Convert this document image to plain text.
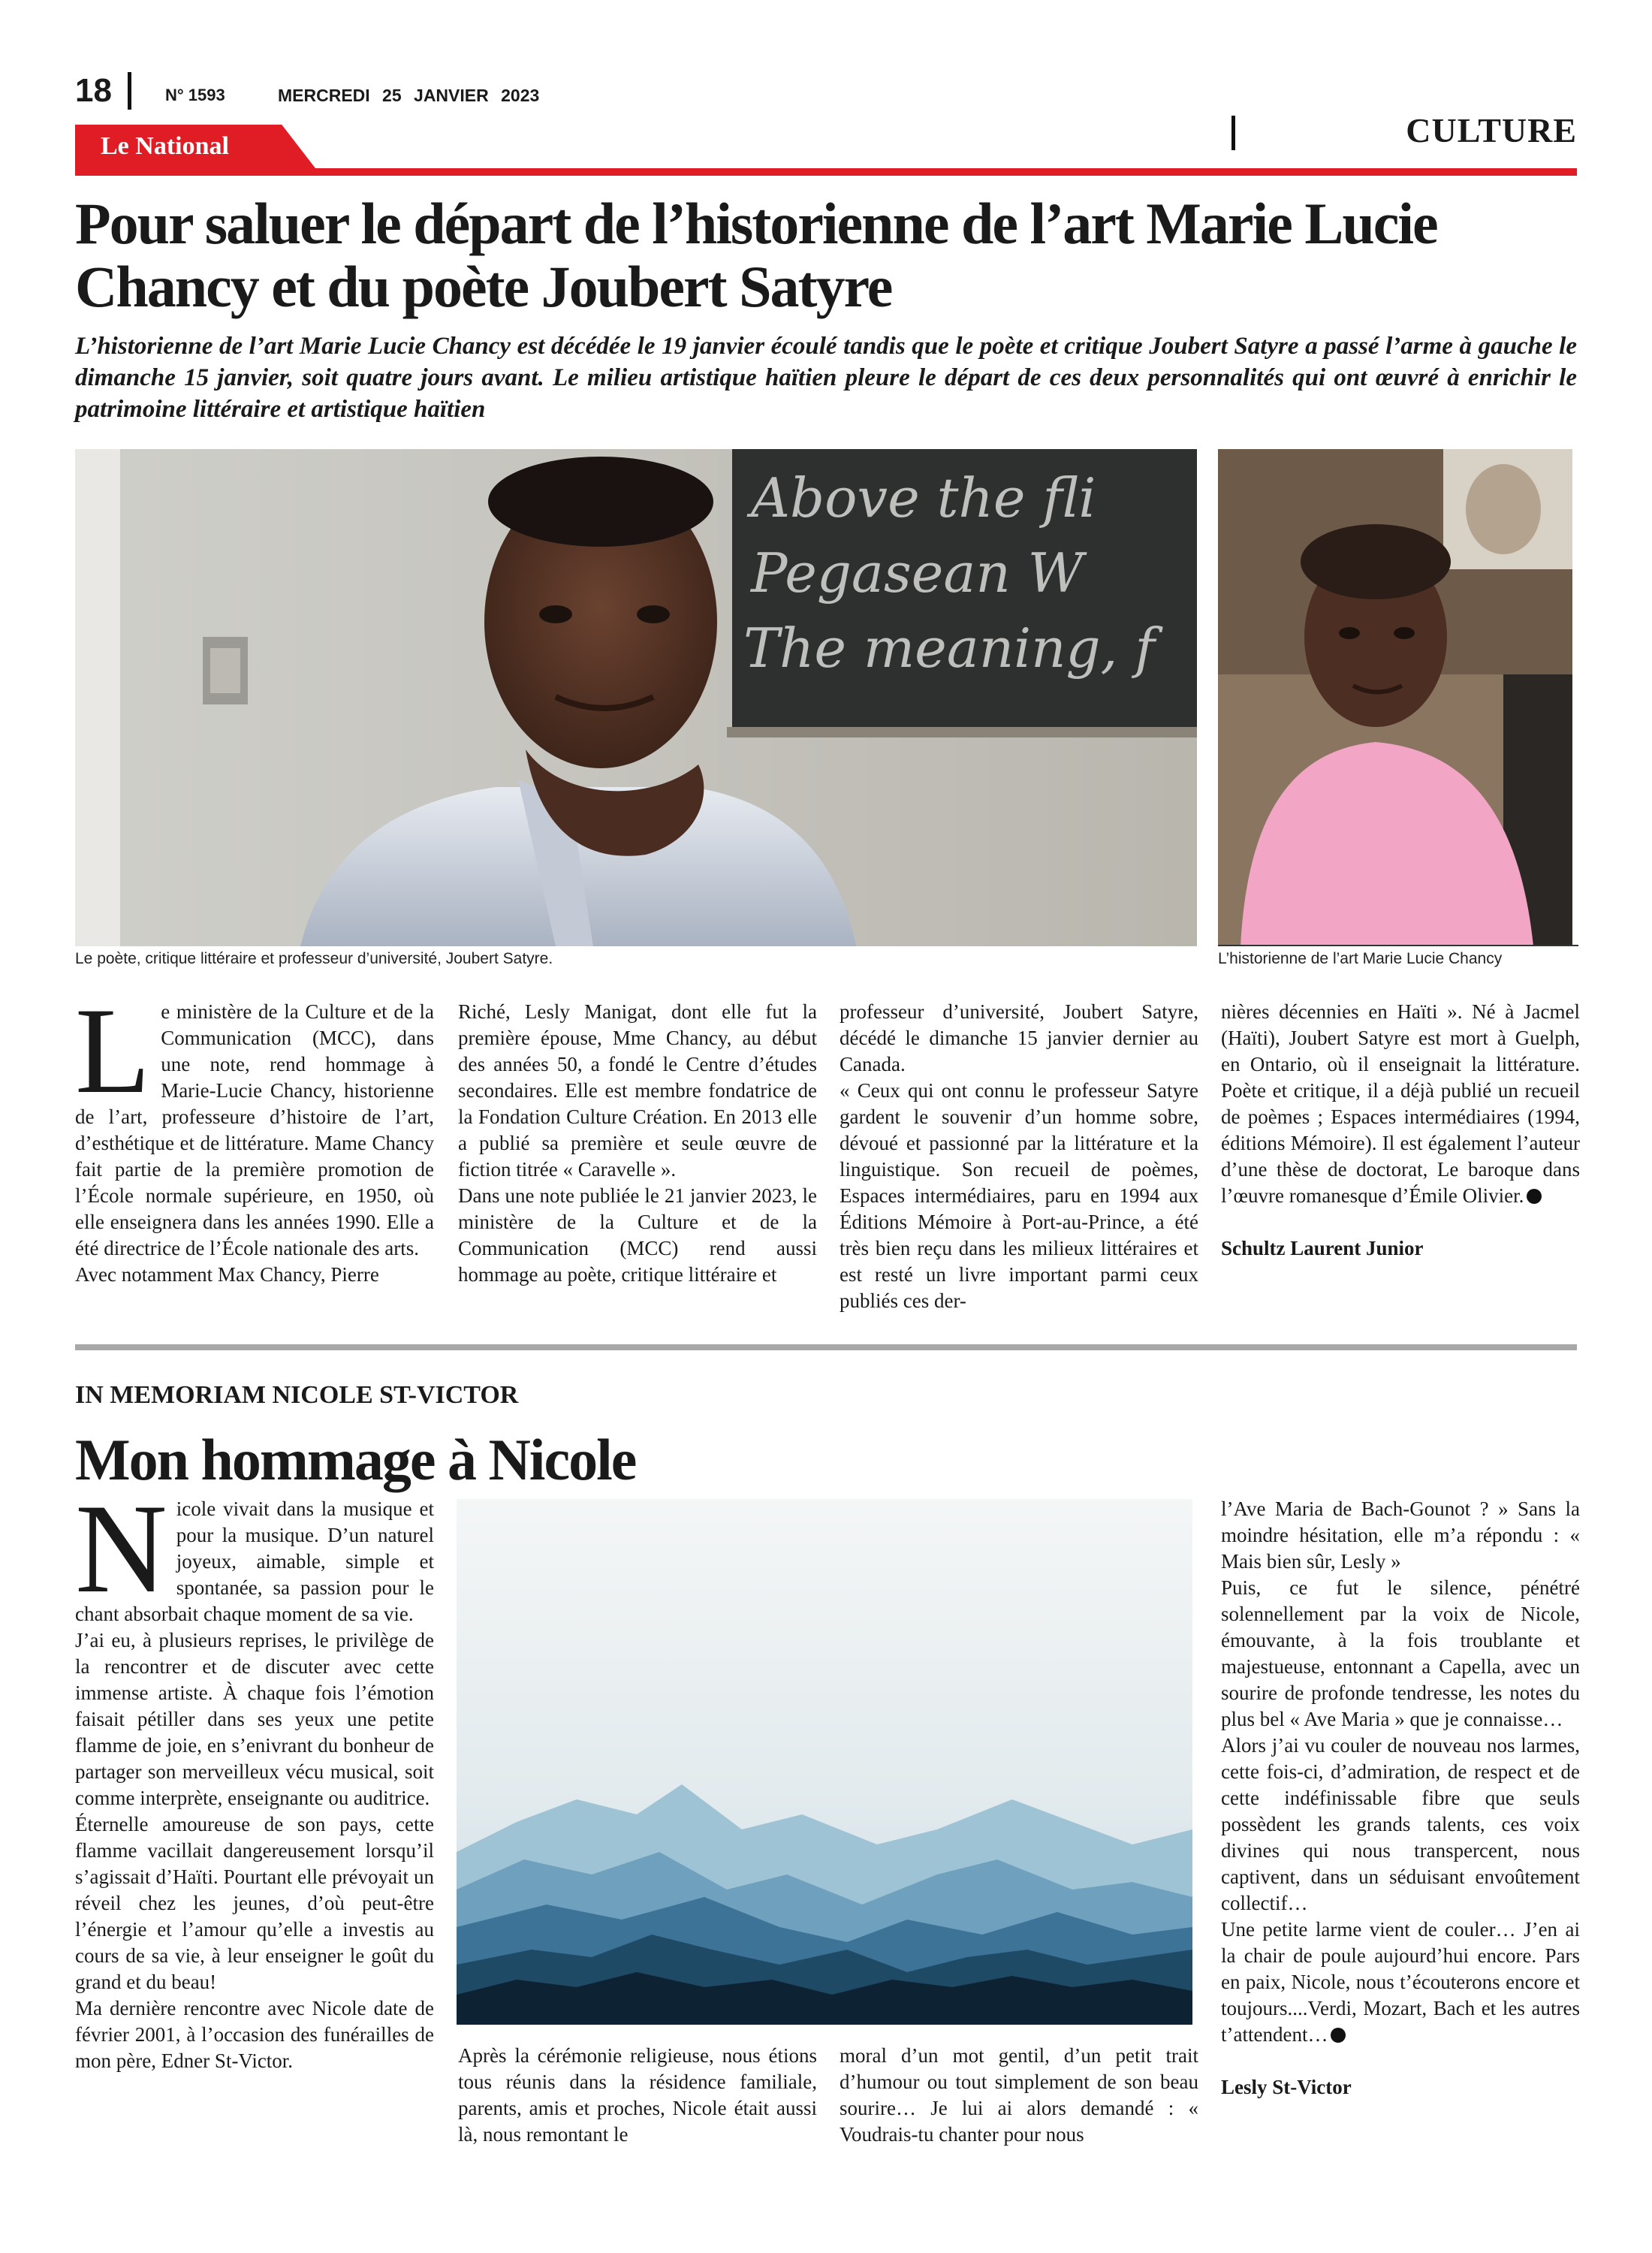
18	N° 1593	MERCREDI 25 JANVIER 2023
CULTURE
Le National
Pour saluer le départ de l’historienne de l’art Marie Lucie Chancy et du poète Joubert Satyre

L’historienne de l’art Marie Lucie Chancy est décédée le 19 janvier écoulé tandis que le poète et critique Joubert Satyre a passé l’arme à gauche le dimanche 15 janvier, soit quatre jours avant. Le milieu artistique haïtien pleure le départ de ces deux personnalités qui ont œuvré à enrichir le patrimoine littéraire et artistique haïtien

Above the fli
Pegasean W
The meaning, f
Le poète, critique littéraire et professeur d’université, Joubert Satyre.	L’historienne de l’art Marie Lucie Chancy
L e ministère de la Culture et de la Communication (MCC), dans une note, rend hommage à Marie-Lucie Chancy, historienne de l’art, professeure d’histoire de l’art, d’esthétique et de littérature. Mame Chancy fait partie de la première promotion de l’École normale supérieure, en 1950, où elle enseignera dans les années 1990. Elle a été directrice de l’École nationale des arts.

Avec notamment Max Chancy, Pierre

Riché, Lesly Manigat, dont elle fut la première épouse, Mme Chancy, au début des années 50, a fondé le Centre d’études secondaires. Elle est membre fondatrice de la Fondation Culture Création. En 2013 elle a publié sa première et seule œuvre de fiction titrée « Caravelle ».

Dans une note publiée le 21 janvier 2023, le ministère de la Culture et de la Communication (MCC) rend aussi hommage au poète, critique littéraire et

professeur d’université, Joubert Satyre, décédé le dimanche 15 janvier dernier au Canada.

« Ceux qui ont connu le professeur Satyre gardent le souvenir d’un homme sobre, dévoué et passionné par la littérature et la linguistique. Son recueil de poèmes, Espaces intermédiaires, paru en 1994 aux Éditions Mémoire à Port-au-Prince, a été très bien reçu dans les milieux littéraires et est resté un livre important parmi ceux publiés ces der-

nières décennies en Haïti ». Né à Jacmel (Haïti), Joubert Satyre est mort à Guelph, en Ontario, où il enseignait la littérature. Poète et critique, il a déjà publié un recueil de poèmes ; Espaces intermédiaires (1994, éditions Mémoire). Il est également l’auteur d’une thèse de doctorat, Le baroque dans l’œuvre romanesque d’Émile Olivier.

Schultz Laurent Junior

IN MEMORIAM NICOLE ST-VICTOR
Mon hommage à Nicole
N icole vivait dans la musique et pour la musique. D’un naturel joyeux, aimable, simple et spontanée, sa passion pour le chant absorbait chaque moment de sa vie.

J’ai eu, à plusieurs reprises, le privilège de la rencontrer et de discuter avec cette immense artiste. À chaque fois l’émotion faisait pétiller dans ses yeux une petite flamme de joie, en s’enivrant du bonheur de partager son merveilleux vécu musical, soit comme interprète, enseignante ou auditrice.

Éternelle amoureuse de son pays, cette flamme vacillait dangereusement lorsqu’il s’agissait d’Haïti. Pourtant elle prévoyait un réveil chez les jeunes, d’où peut-être l’énergie et l’amour qu’elle a investis au cours de sa vie, à leur enseigner le goût du grand et du beau!

Ma dernière rencontre avec Nicole date de février 2001, à l’occasion des funérailles de mon père, Edner St-Victor.	Après la cérémonie religieuse, nous étions tous réunis dans la résidence familiale, parents, amis et proches, Nicole était aussi là, nous remontant le

moral d’un mot gentil, d’un petit trait d’humour ou tout simplement de son beau sourire… Je lui ai alors demandé : « Voudrais-tu chanter pour nous

l’Ave Maria de Bach-Gounot ? » Sans la moindre hésitation, elle m’a répondu : « Mais bien sûr, Lesly »

Puis, ce fut le silence, pénétré solennellement par la voix de Nicole, émouvante, à la fois troublante et majestueuse, entonnant a Capella, avec un sourire de profonde tendresse, les notes du plus bel « Ave Maria » que je connaisse…

Alors j’ai vu couler de nouveau nos larmes, cette fois-ci, d’admiration, de respect et de cette indéfinissable fibre que seuls possèdent les grands talents, ces voix divines qui nous transpercent, nous captivent, dans un séduisant envoûtement collectif…

Une petite larme vient de couler… J’en ai la chair de poule aujourd’hui encore. Pars en paix, Nicole, nous t’écouterons encore et toujours....Verdi, Mozart, Bach et les autres t’attendent…

Lesly St-Victor
